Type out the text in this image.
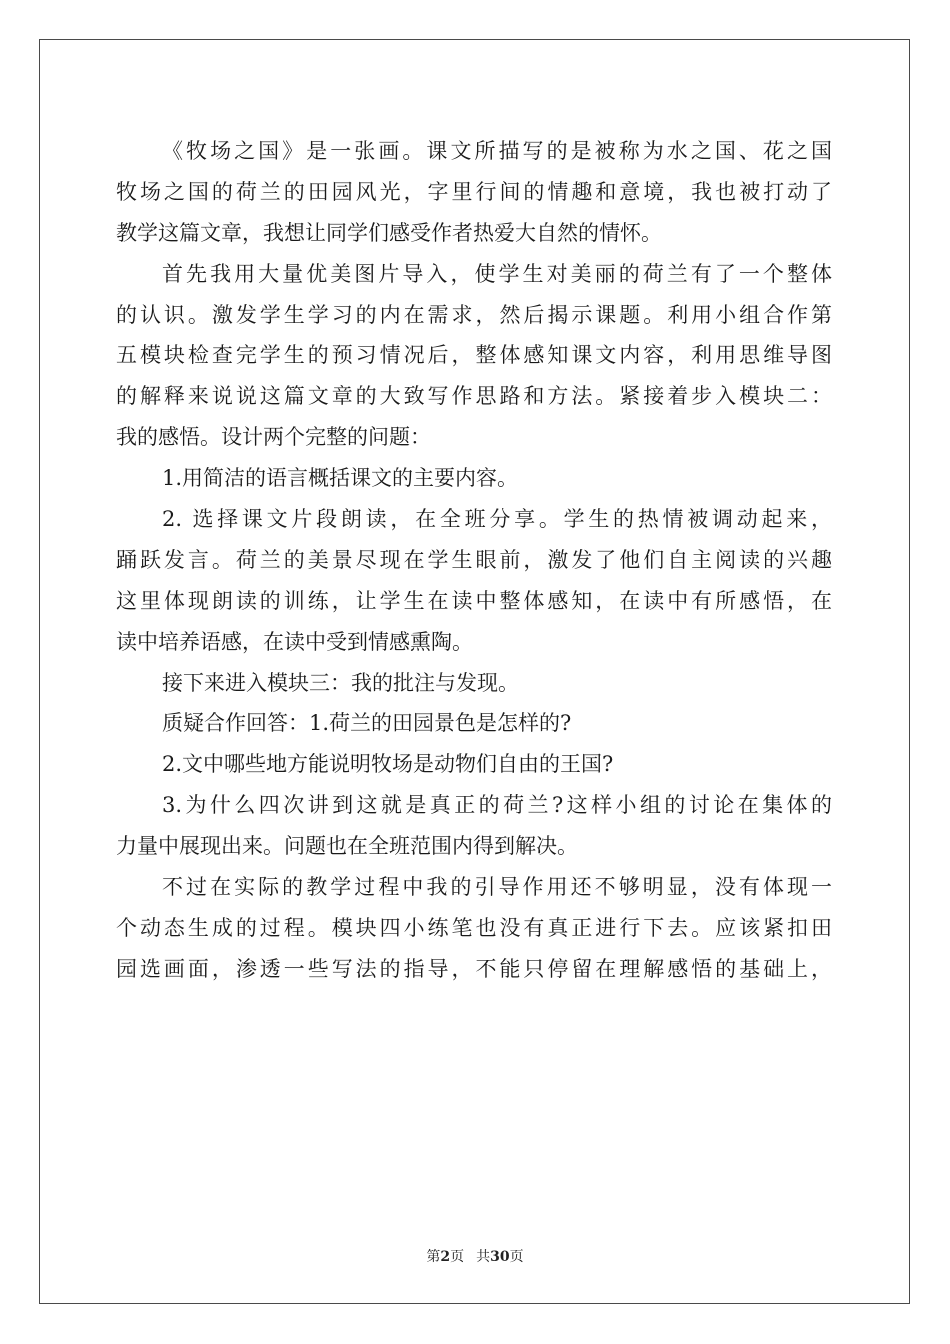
《牧场之国》是一张画。课文所描写的是被称为水之国、花之国
牧场之国的荷兰的田园风光，字里行间的情趣和意境，我也被打动了
教学这篇文章，我想让同学们感受作者热爱大自然的情怀。
首先我用大量优美图片导入，使学生对美丽的荷兰有了一个整体
的认识。激发学生学习的内在需求，然后揭示课题。利用小组合作第
五模块检查完学生的预习情况后，整体感知课文内容，利用思维导图
的解释来说说这篇文章的大致写作思路和方法。紧接着步入模块二：
我的感悟。设计两个完整的问题：
1.用简洁的语言概括课文的主要内容。
2. 选择课文片段朗读，在全班分享。学生的热情被调动起来，
踊跃发言。荷兰的美景尽现在学生眼前，激发了他们自主阅读的兴趣
这里体现朗读的训练，让学生在读中整体感知，在读中有所感悟，在
读中培养语感，在读中受到情感熏陶。
接下来进入模块三：我的批注与发现。
质疑合作回答：1.荷兰的田园景色是怎样的?
2.文中哪些地方能说明牧场是动物们自由的王国?
3.为什么四次讲到这就是真正的荷兰?这样小组的讨论在集体的
力量中展现出来。问题也在全班范围内得到解决。
不过在实际的教学过程中我的引导作用还不够明显，没有体现一
个动态生成的过程。模块四小练笔也没有真正进行下去。应该紧扣田
园选画面，渗透一些写法的指导，不能只停留在理解感悟的基础上，
第2页 共30页
